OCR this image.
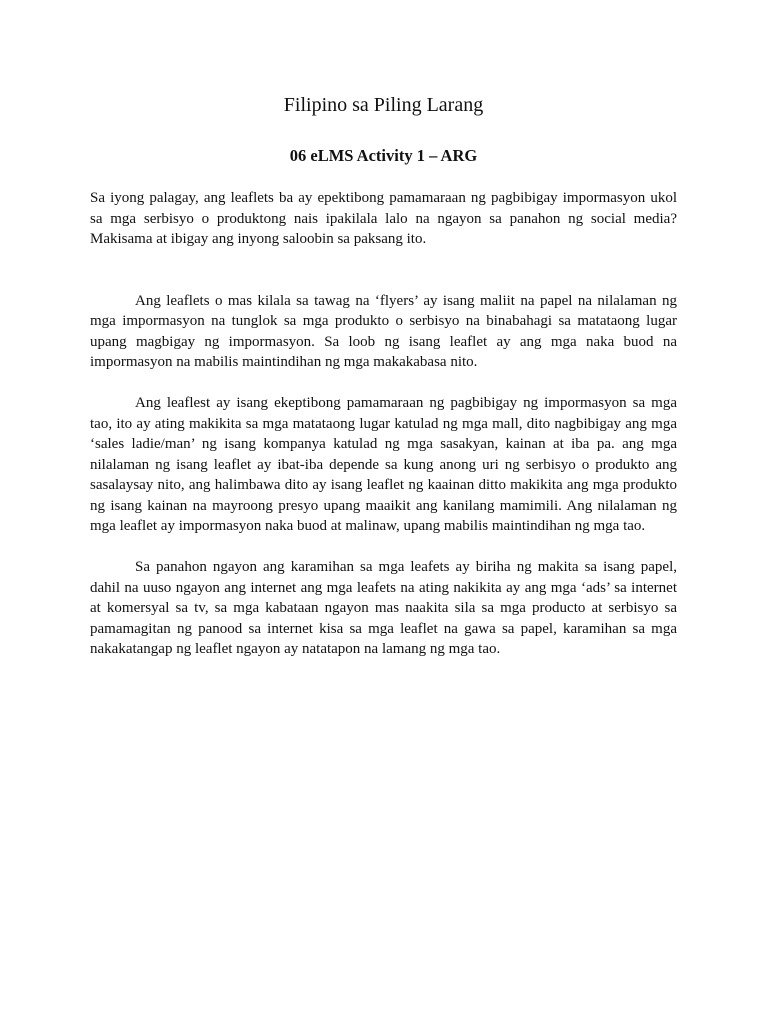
Filipino sa Piling Larang
06 eLMS Activity 1 – ARG

Sa iyong palagay, ang leaflets ba ay epektibong pamamaraan ng pagbibigay impormasyon ukol sa mga serbisyo o produktong nais ipakilala lalo na ngayon sa panahon ng social media? Makisama at ibigay ang inyong saloobin sa paksang ito.

Ang leaflets o mas kilala sa tawag na ‘flyers’ ay isang maliit na papel na nilalaman ng mga impormasyon na tunglok sa mga produkto o serbisyo na binabahagi sa matataong lugar upang magbigay ng impormasyon. Sa loob ng isang leaflet ay ang mga naka buod na impormasyon na mabilis maintindihan ng mga makakabasa nito.

Ang leaflest ay isang ekeptibong pamamaraan ng pagbibigay ng impormasyon sa mga tao, ito ay ating makikita sa mga matataong lugar katulad ng mga mall, dito nagbibigay ang mga ‘sales ladie/man’ ng isang kompanya katulad ng mga sasakyan, kainan at iba pa. ang mga nilalaman ng isang leaflet ay ibat-iba depende sa kung anong uri ng serbisyo o produkto ang sasalaysay nito, ang halimbawa dito ay isang leaflet ng kaainan ditto makikita ang mga produkto ng isang kainan na mayroong presyo upang maaikit ang kanilang mamimili. Ang nilalaman ng mga leaflet ay impormasyon naka buod at malinaw, upang mabilis maintindihan ng mga tao.

Sa panahon ngayon ang karamihan sa mga leafets ay biriha ng makita sa isang papel, dahil na uuso ngayon ang internet ang mga leafets na ating nakikita ay ang mga ‘ads’ sa internet at komersyal sa tv, sa mga kabataan ngayon mas naakita sila sa mga producto at serbisyo sa pamamagitan ng panood sa internet kisa sa mga leaflet na gawa sa papel, karamihan sa mga nakakatangap ng leaflet ngayon ay natatapon na lamang ng mga tao.
